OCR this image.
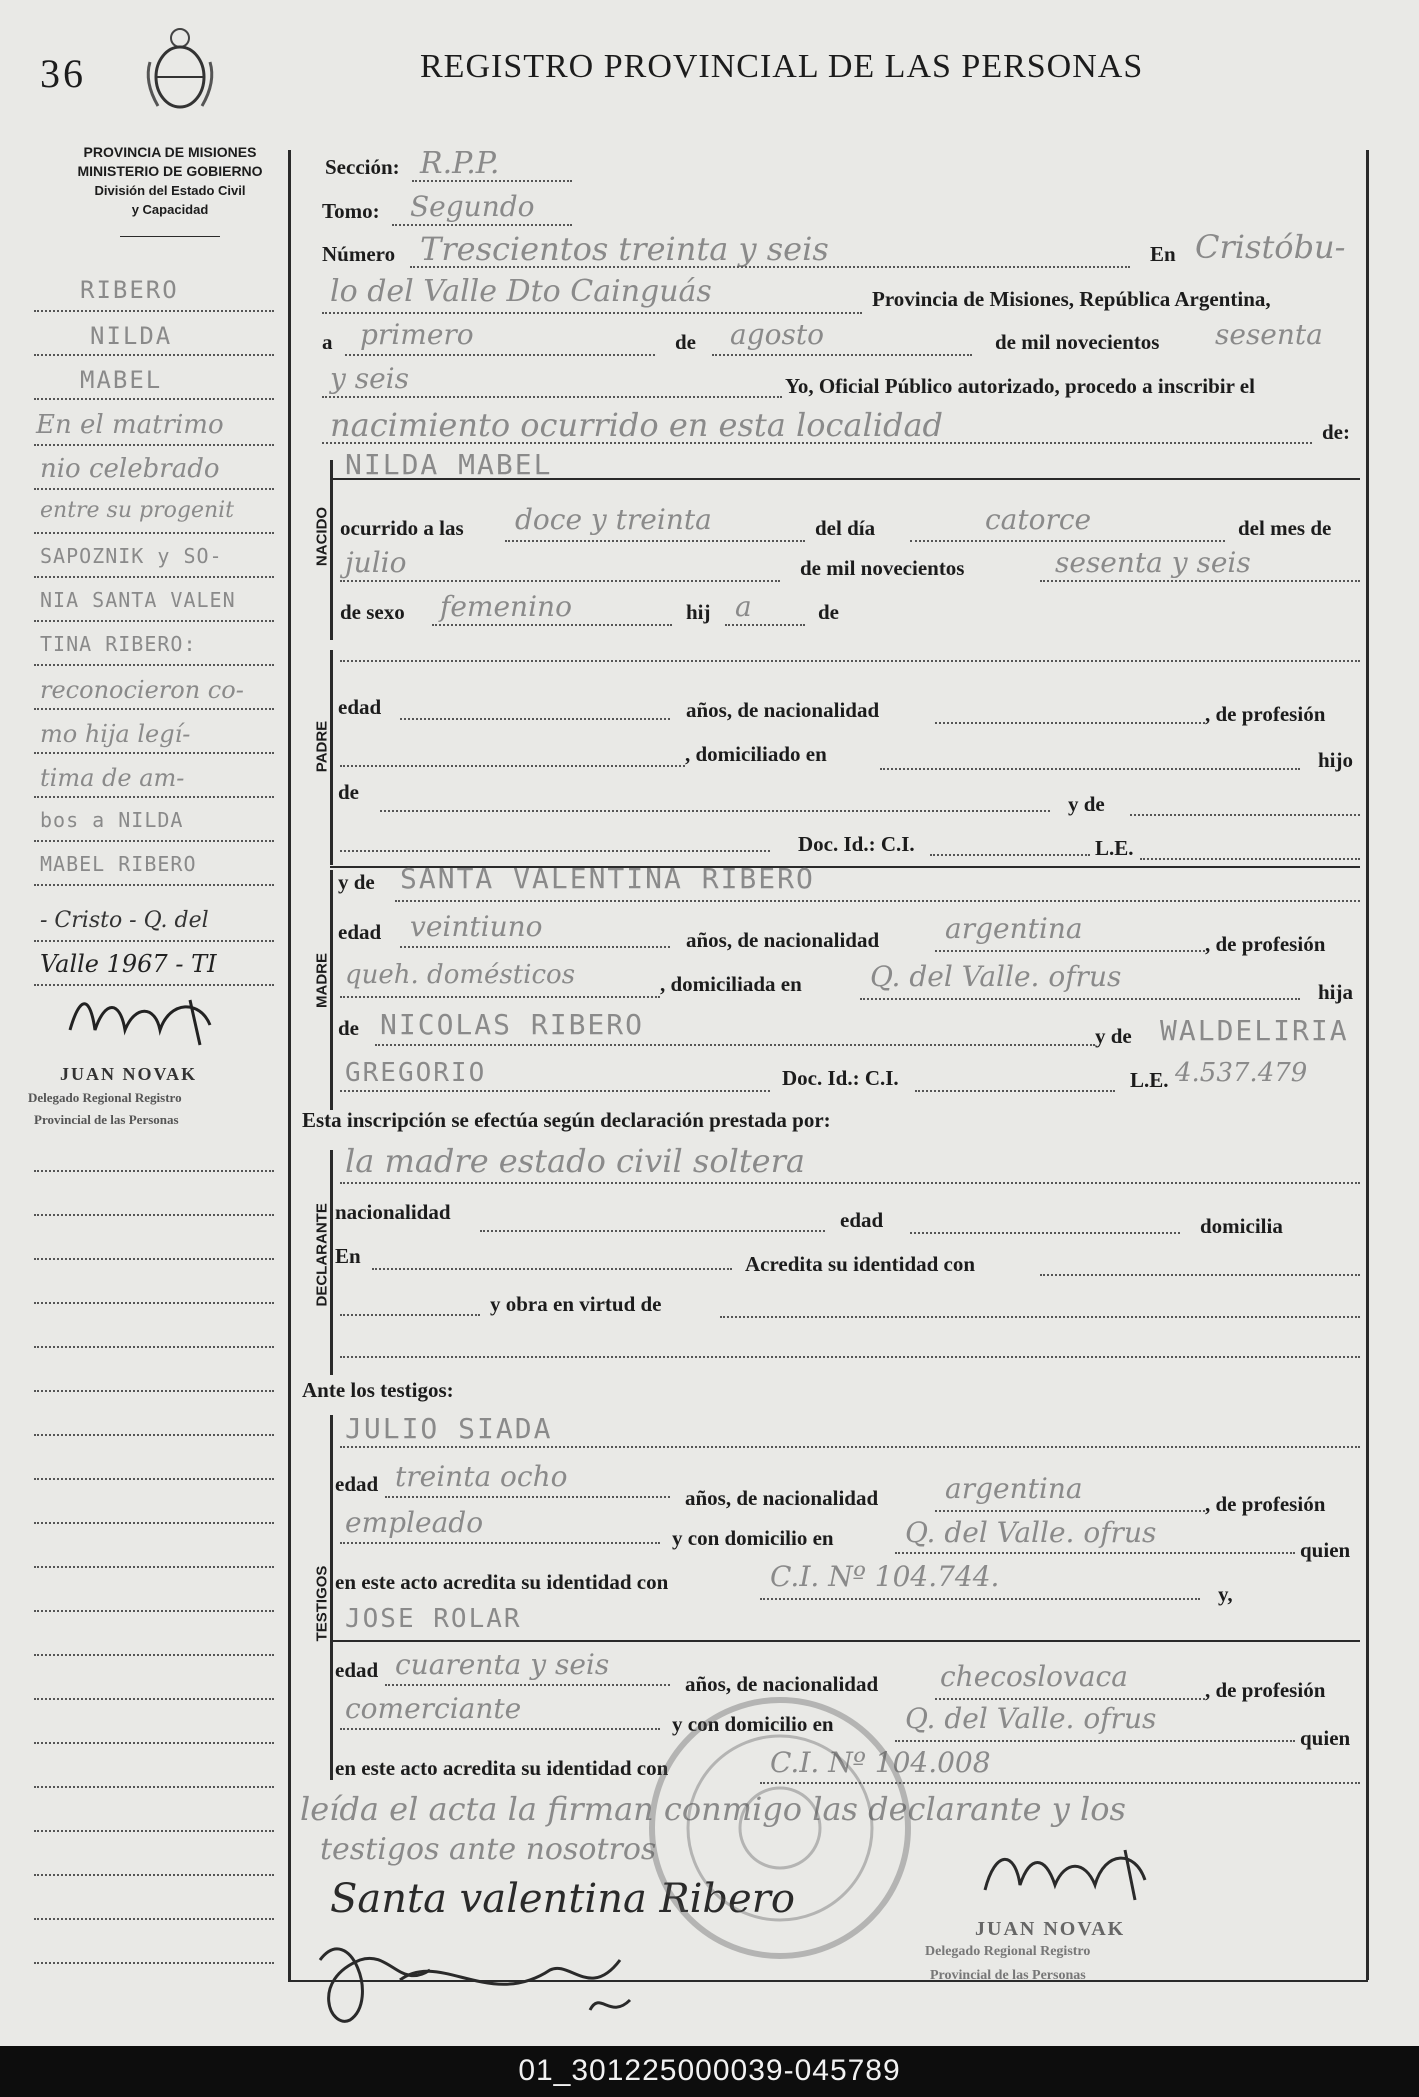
36	REGISTRO PROVINCIAL DE LAS PERSONAS
PROVINCIA DE MISIONES
MINISTERIO DE GOBIERNO
División del Estado Civil
y Capacidad
NACIDO
PADRE
MADRE
DECLARANTE
TESTIGOS
Sección: R.P.P.
Tomo: Segundo
Número Trescientos treinta y seis	En Cristóbu-
lo del Valle Dto Cainguás	Provincia de Misiones, República Argentina,
a primero	de agosto	de mil novecientos sesenta
y seis	Yo, Oficial Público autorizado, procedo a inscribir el
nacimiento ocurrido en esta localidad	de:
NILDA MABEL
ocurrido a las doce y treinta	del día	catorce	del mes de
julio	de mil novecientos	sesenta y seis
de sexo femenino	hij a	de
edad	años, de nacionalidad	, de profesión
, domiciliado en	hijo
de	y de
Doc. Id.: C.I.	L.E.
y de SANTA VALENTINA RIBERO
edad veintiuno	años, de nacionalidad argentina	, de profesión
queh. domésticos	, domiciliada en Q. del Valle. ofrus	hija
de NICOLAS RIBERO	y de WALDELIRIA
GREGORIO	Doc. Id.: C.I.	L.E. 4.537.479
Esta inscripción se efectúa según declaración prestada por:
la madre estado civil soltera
nacionalidad	edad	domicilia
En	Acredita su identidad con
y obra en virtud de
Ante los testigos:
JULIO SIADA
edad treinta ocho
años, de nacionalidad argentina	, de profesión
empleado	y con domicilio en	Q. del Valle. ofrus
quien
en este acto acredita su identidad con	C.I. Nº 104.744.
y,
JOSE ROLAR
edad cuarenta y seis
años, de nacionalidad checoslovaca	, de profesión
comerciante	y con domicilio en	Q. del Valle. ofrus
quien
en este acto acredita su identidad con	C.I. Nº 104.008
leída el acta la firman conmigo las declarante y los
testigos ante nosotros
Santa valentina Ribero
JUAN NOVAK
Delegado Regional Registro
Provincial de las Personas
RIBERO
NILDA
MABEL
En el matrimo
nio celebrado
entre su progenit
SAPOZNIK y SO-
NIA SANTA VALEN
TINA RIBERO:
reconocieron co-
mo hija legí-
tima de am-
bos a NILDA
MABEL RIBERO
- Cristo - Q. del
Valle 1967 - TI
JUAN NOVAK
Delegado Regional Registro
Provincial de las Personas
01_301225000039-045789
